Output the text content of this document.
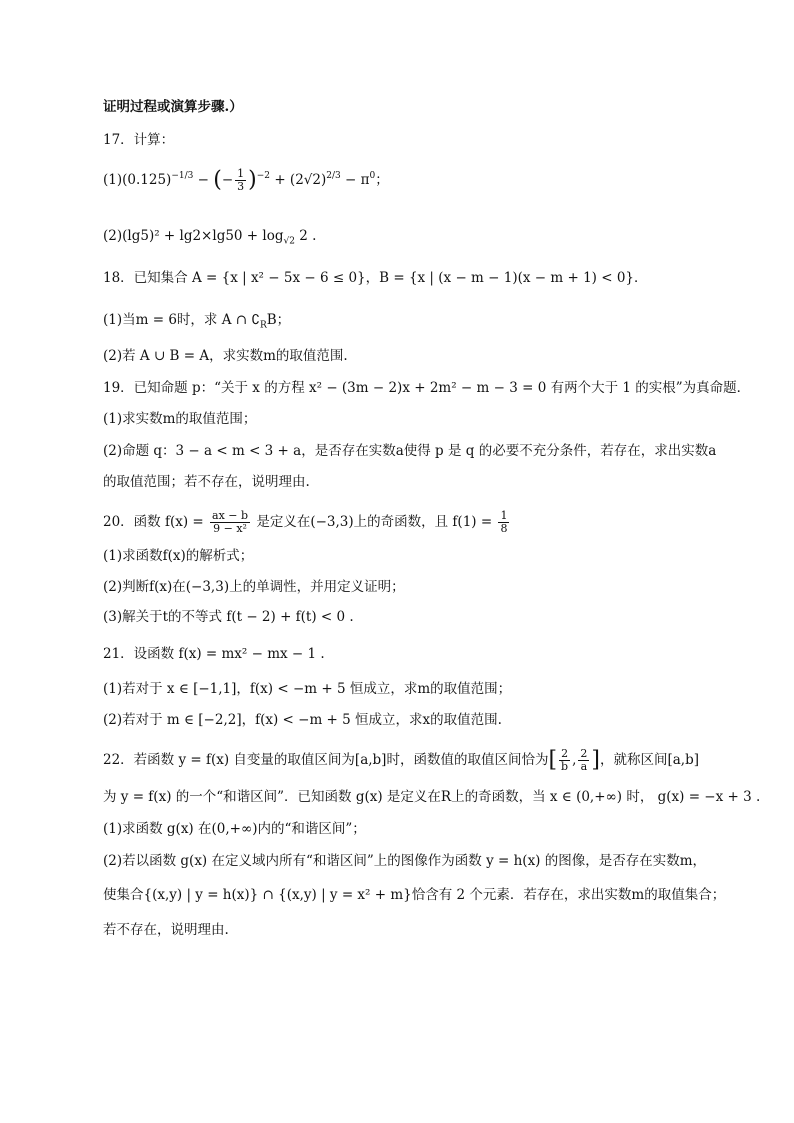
证明过程或演算步骤.）
17．计算：
$(1)(0.125)^{-1/3}$ − (− $\frac{1}{3} )^{-2} + (2√2)^{2/3} - \pi^0$；
$(2)(\lg 5)^2 + \lg 2\times\lg 50 + \log_{√2} 2$ .
18．已知集合 A = {x | x² − 5x − 6 ≤ 0}，B = {x | (x − m − 1)(x − m + 1) < 0}．
(1)当m = 6时，求 A ∩ $∁_RB$；
(2)若 A ∪ B = A，求实数m的取值范围.
19．已知命题 p：“关于 x 的方程 x² − (3m − 2)x + 2m² − m − 3 = 0 有两个大于 1 的实根”为真命题．
(1)求实数m的取值范围；
(2)命题 q：3 − a < m < 3 + a，是否存在实数a使得 p 是 q 的必要不充分条件，若存在，求出实数a
的取值范围；若不存在，说明理由.
20．函数 $f(x) = \frac{ax - b}{\text{9 − x²}}$ 是定义在(−3,3)上的奇函数，且 $f(1) = \frac{1}{8}$
(1)求函数f(x)的解析式；
(2)判断f(x)在(−3,3)上的单调性，并用定义证明；
(3)解关于t的不等式 f(t − 2) + f(t) < 0 .
21．设函数 f(x) = mx² − mx − 1 .
(1)若对于 x ∈ [−1,1]，f(x) < −m + 5 恒成立，求m的取值范围；
(2)若对于 m ∈ [−2,2]，f(x) < −m + 5 恒成立，求x的取值范围.
22．若函数 y = f(x) 自变量的取值区间为[a,b]时，函数值的取值区间恰为[ $\frac{2}{b}$ , $\frac{2}{a}$ ]，就称区间[a,b]
为 y = f(x) 的一个“和谐区间”．已知函数 g(x) 是定义在R上的奇函数，当 x ∈ (0,+∞) 时， g(x) = −x + 3 .
(1)求函数 g(x) 在(0,+∞)内的“和谐区间”；
(2)若以函数 g(x) 在定义域内所有“和谐区间”上的图像作为函数 y = h(x) 的图像，是否存在实数m，
使集合{(x,y) | y = h(x)} ∩ {(x,y) | y = x² + m}恰含有 2 个元素．若存在，求出实数m的取值集合；
若不存在，说明理由.
